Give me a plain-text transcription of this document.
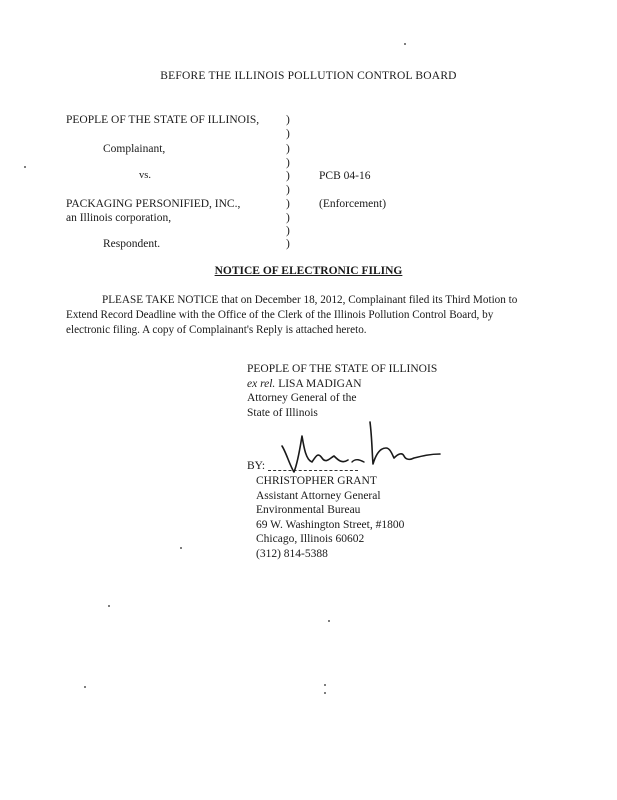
BEFORE THE ILLINOIS POLLUTION CONTROL BOARD
PEOPLE OF THE STATE OF ILLINOIS,
Complainant,
vs.
PACKAGING PERSONIFIED, INC.,
an Illinois corporation,
Respondent.
)
)
)
)
)
)
)
)
)
)
PCB 04-16
(Enforcement)
NOTICE OF ELECTRONIC FILING
PLEASE TAKE NOTICE that on December 18, 2012, Complainant filed its Third Motion to Extend Record Deadline with the Office of the Clerk of the Illinois Pollution Control Board, by electronic filing. A copy of Complainant's Reply is attached hereto.
PEOPLE OF THE STATE OF ILLINOIS
ex rel. LISA MADIGAN
Attorney General of the
State of Illinois
BY:
CHRISTOPHER GRANT
Assistant Attorney General
Environmental Bureau
69 W. Washington Street, #1800
Chicago, Illinois 60602
(312) 814-5388
